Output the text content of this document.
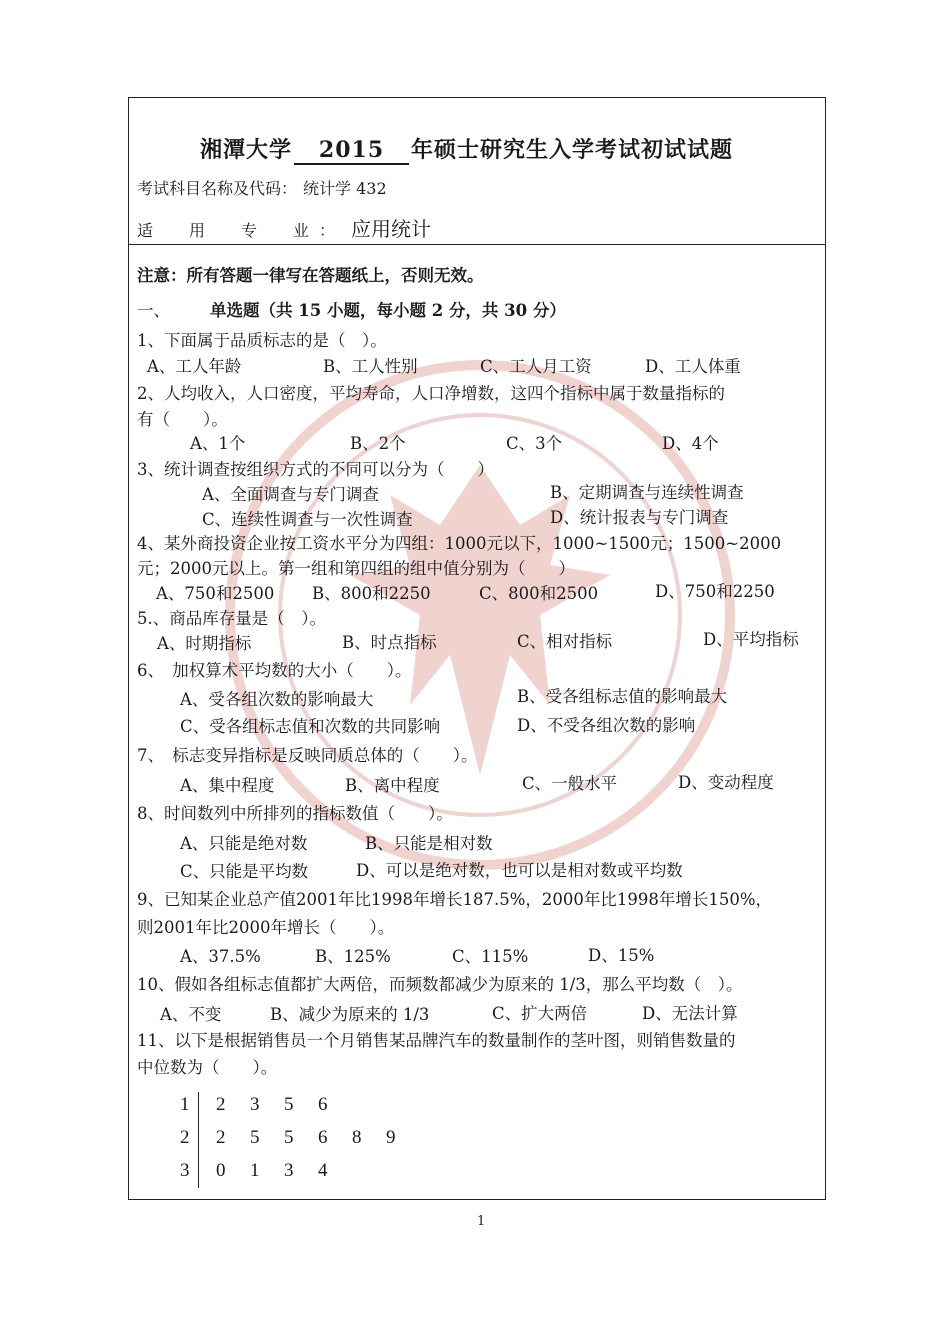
湘潭大学 2015 年硕士研究生入学考试初试试题
考试科目名称及代码： 统计学 432
适　用　专　业： 应用统计
注意：所有答题一律写在答题纸上，否则无效。
一、 单选题（共 15 小题，每小题 2 分，共 30 分）
1、下面属于品质标志的是（　）。
A、工人年龄	B、工人性别	C、工人月工资	D、工人体重
2、人均收入，人口密度，平均寿命，人口净增数，这四个指标中属于数量指标的
有（　　）。
A、1个	B、2个	C、3个	D、4个
3、统计调查按组织方式的不同可以分为（　　）
A、全面调查与专门调查	B、定期调查与连续性调查
C、连续性调查与一次性调查	D、统计报表与专门调查
4、某外商投资企业按工资水平分为四组：1000元以下，1000~1500元；1500~2000
元；2000元以上。第一组和第四组的组中值分别为（　　）
A、750和2500 B、800和2250	C、800和2500	D、750和2250
5.、商品库存量是（　）。
A、时期指标	B、时点指标	C、相对指标	D、平均指标
6、　加权算术平均数的大小（　　）。
A、受各组次数的影响最大	B、受各组标志值的影响最大
C、受各组标志值和次数的共同影响	D、不受各组次数的影响
7、　标志变异指标是反映同质总体的（　　）。
A、集中程度	B、离中程度	C、一般水平	D、变动程度
8、时间数列中所排列的指标数值（　　）。
A、只能是绝对数	B、只能是相对数
C、只能是平均数	D、可以是绝对数，也可以是相对数或平均数
9、已知某企业总产值2001年比1998年增长187.5%，2000年比1998年增长150%，
则2001年比2000年增长（　　）。
A、37.5%	B、125%	C、115%	D、15%
10、假如各组标志值都扩大两倍，而频数都减少为原来的 1/3，那么平均数（　）。
A、不变	B、减少为原来的 1/3	C、扩大两倍	D、无法计算
11、以下是根据销售员一个月销售某品牌汽车的数量制作的茎叶图，则销售数量的
中位数为（　　）。
1 2 3 5 6
2 2 5 5 6 8 9
3 0 1 3 4
1
